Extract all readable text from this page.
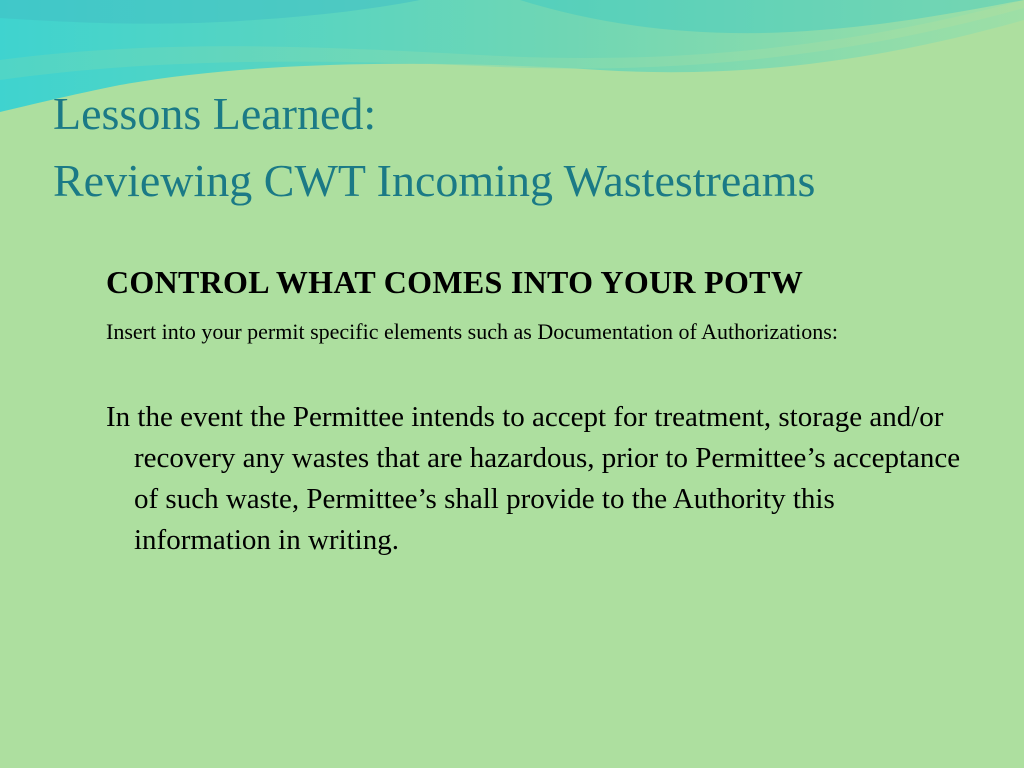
Lessons Learned:
Reviewing CWT Incoming Wastestreams

CONTROL WHAT COMES INTO YOUR POTW

Insert into your permit specific elements such as Documentation of Authorizations:

In the event the Permittee intends to accept for treatment, storage and/or recovery any wastes that are hazardous, prior to Permittee’s acceptance of such waste, Permittee’s shall provide to the Authority this information in writing.
